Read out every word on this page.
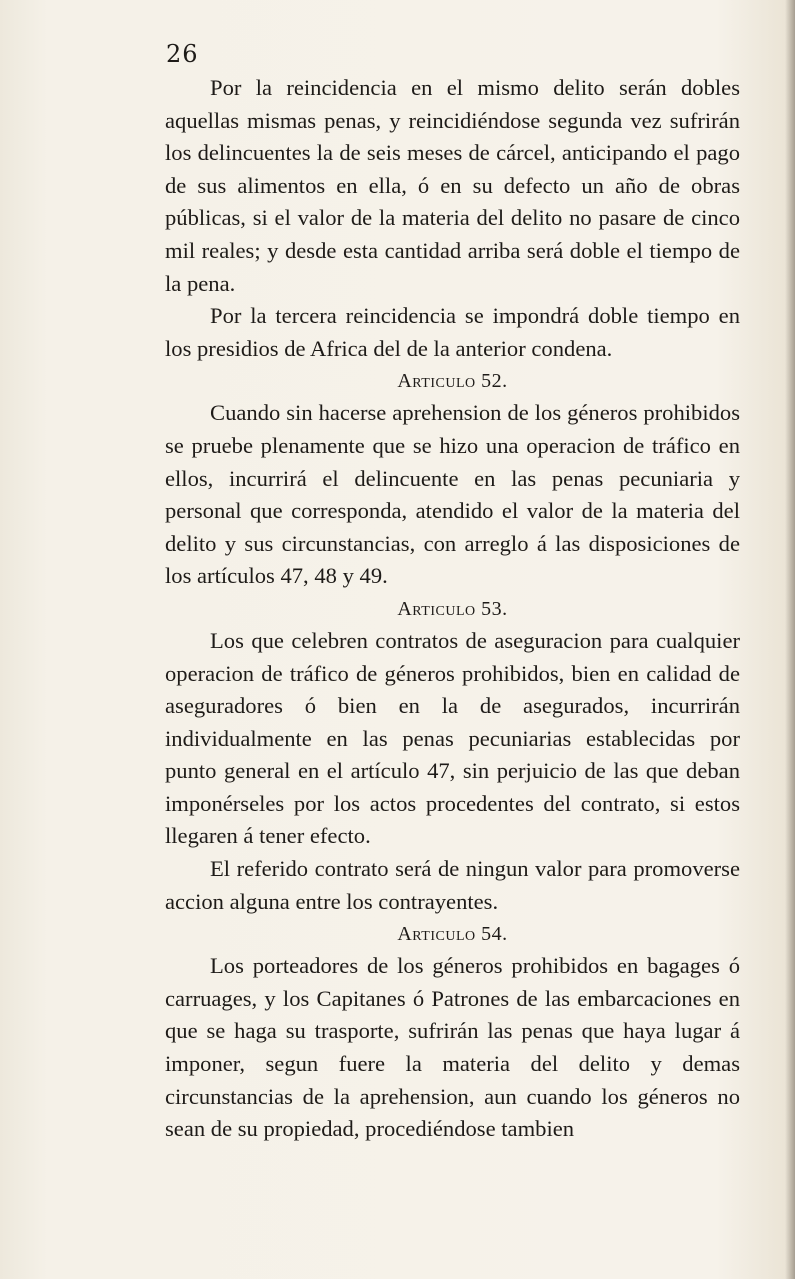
26

Por la reincidencia en el mismo delito serán dobles aquellas mismas penas, y reincidiéndose segunda vez sufrirán los delincuentes la de seis meses de cárcel, anticipando el pago de sus alimentos en ella, ó en su defecto un año de obras públicas, si el valor de la materia del delito no pasare de cinco mil reales; y desde esta cantidad arriba será doble el tiempo de la pena.

Por la tercera reincidencia se impondrá doble tiempo en los presidios de Africa del de la anterior condena.

Articulo 52.

Cuando sin hacerse aprehension de los géneros prohibidos se pruebe plenamente que se hizo una operacion de tráfico en ellos, incurrirá el delincuente en las penas pecuniaria y personal que corresponda, atendido el valor de la materia del delito y sus circunstancias, con arreglo á las disposiciones de los artículos 47, 48 y 49.

Articulo 53.

Los que celebren contratos de aseguracion para cualquier operacion de tráfico de géneros prohibidos, bien en calidad de aseguradores ó bien en la de asegurados, incurrirán individualmente en las penas pecuniarias establecidas por punto general en el artículo 47, sin perjuicio de las que deban imponérseles por los actos procedentes del contrato, si estos llegaren á tener efecto.

El referido contrato será de ningun valor para promoverse accion alguna entre los contrayentes.

Articulo 54.

Los porteadores de los géneros prohibidos en bagages ó carruages, y los Capitanes ó Patrones de las embarcaciones en que se haga su trasporte, sufrirán las penas que haya lugar á imponer, segun fuere la materia del delito y demas circunstancias de la aprehension, aun cuando los géneros no sean de su propiedad, procediéndose tambien
